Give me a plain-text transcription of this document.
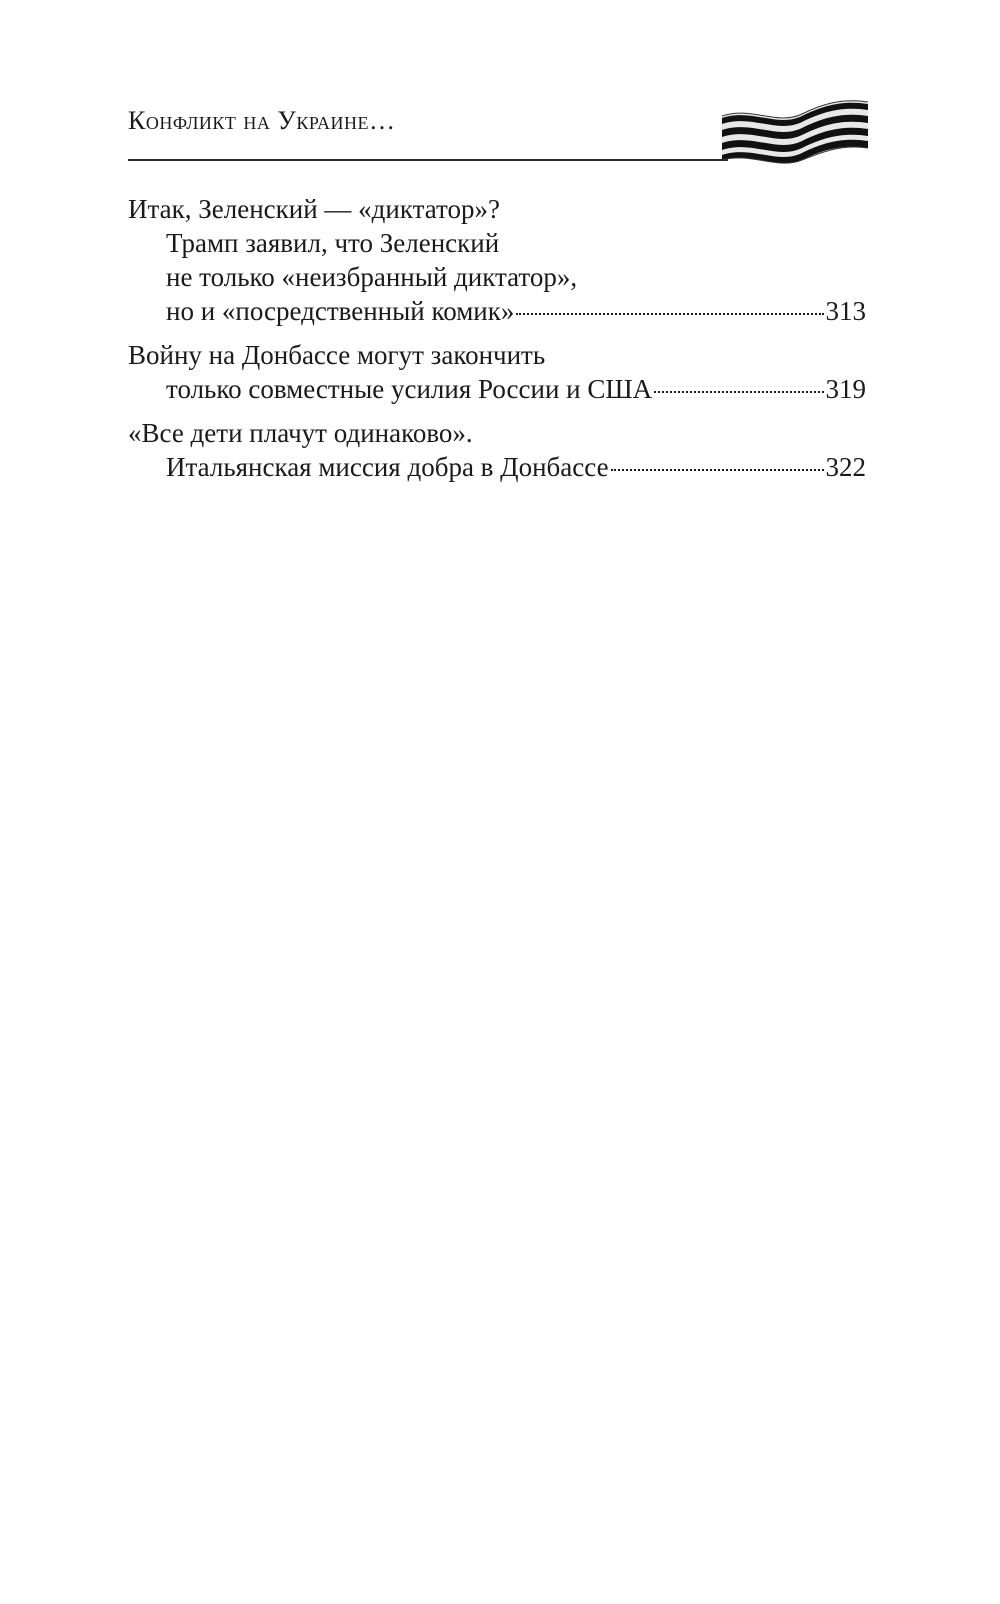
Конфликт на Украине…
Итак, Зеленский — «диктатор»?
Трамп заявил, что Зеленский
не только «неизбранный диктатор»,
но и «посредственный комик»	313
Войну на Донбассе могут закончить
только совместные усилия России и США	319
«Все дети плачут одинаково».
Итальянская миссия добра в Донбассе	322
